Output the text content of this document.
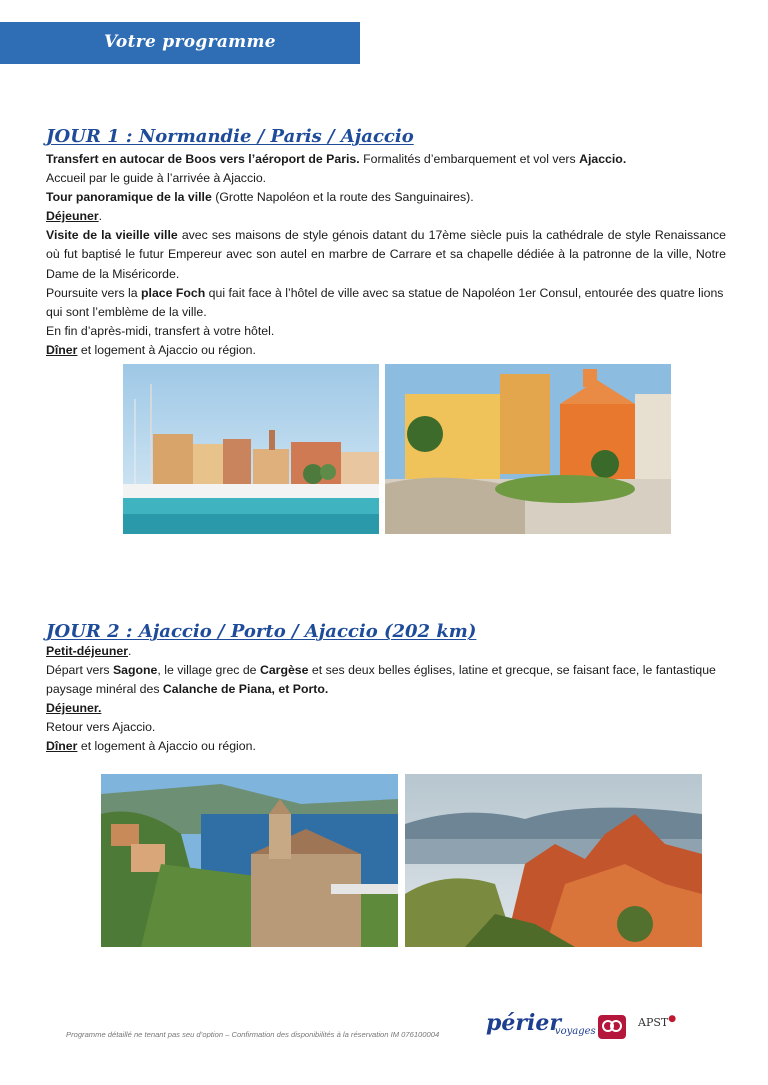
Votre programme
JOUR 1 : Normandie / Paris / Ajaccio

Transfert en autocar de Boos vers l’aéroport de Paris. Formalités d’embarquement et vol vers Ajaccio.

Accueil par le guide à l’arrivée à Ajaccio.

Tour panoramique de la ville (Grotte Napoléon et la route des Sanguinaires).

Déjeuner.

Visite de la vieille ville avec ses maisons de style génois datant du 17ème siècle puis la cathédrale de style Renaissance où fut baptisé le futur Empereur avec son autel en marbre de Carrare et sa chapelle dédiée à la patronne de la ville, Notre Dame de la Miséricorde.

Poursuite vers la place Foch qui fait face à l’hôtel de ville avec sa statue de Napoléon 1er Consul, entourée des quatre lions qui sont l’emblème de la ville.

En fin d’après-midi, transfert à votre hôtel.

Dîner et logement à Ajaccio ou région.

JOUR 2 : Ajaccio / Porto / Ajaccio (202 km)

Petit-déjeuner.

Départ vers Sagone, le village grec de Cargèse et ses deux belles églises, latine et grecque, se faisant face, le fantastique paysage minéral des Calanche de Piana, et Porto.

Déjeuner.

Retour vers Ajaccio.

Dîner et logement à Ajaccio ou région.

Programme détaillé ne tenant pas seu d’option – Confirmation des disponibilités à la réservation IM 076100004 périer$_{voyages}$
APST●
